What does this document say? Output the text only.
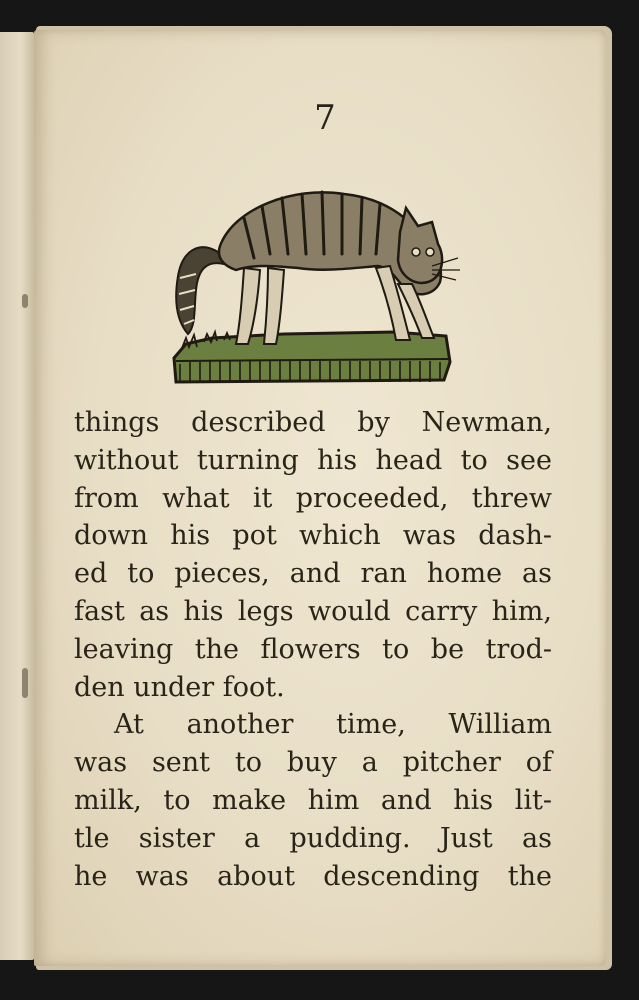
7
things described by Newman,
without turning his head to see
from what it proceeded, threw
down his pot which was dash-
ed to pieces, and ran home as
fast as his legs would carry him,
leaving the flowers to be trod-
den under foot.
At another time, William
was sent to buy a pitcher of
milk, to make him and his lit-
tle sister a pudding. Just as
he was about descending the
